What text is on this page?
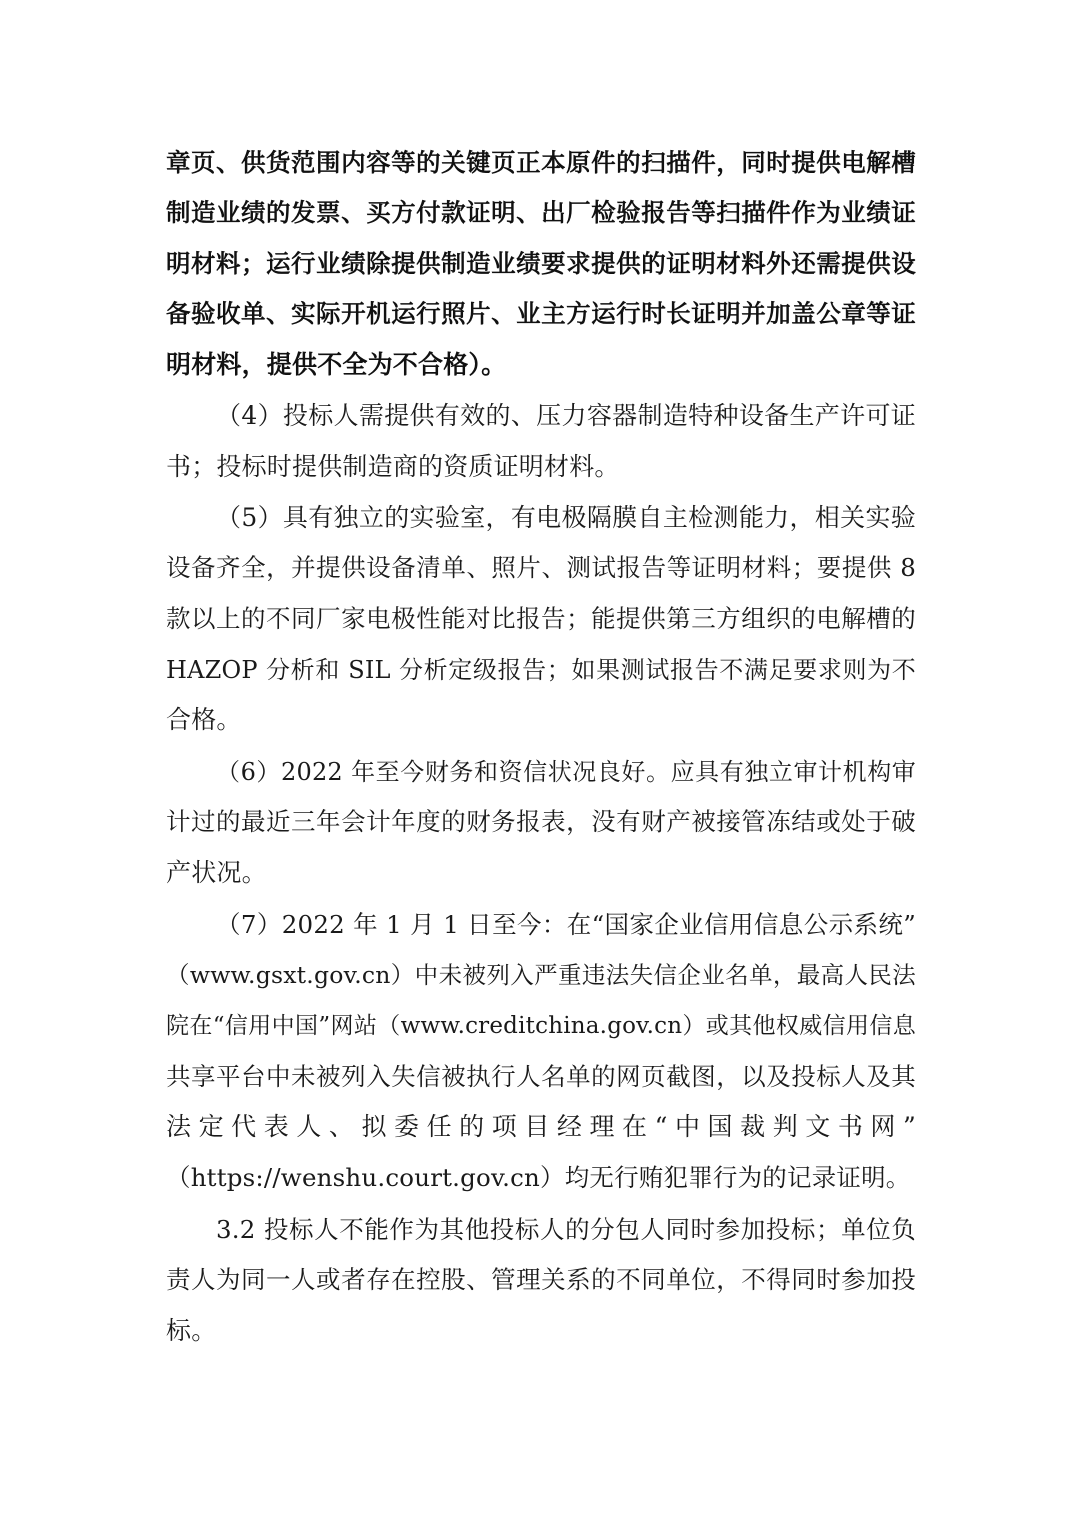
章页、供货范围内容等的关键页正本原件的扫描件，同时提供电解槽
制造业绩的发票、买方付款证明、出厂检验报告等扫描件作为业绩证
明材料；运行业绩除提供制造业绩要求提供的证明材料外还需提供设
备验收单、实际开机运行照片、业主方运行时长证明并加盖公章等证
明材料，提供不全为不合格）。
（4）投标人需提供有效的、压力容器制造特种设备生产许可证
书；投标时提供制造商的资质证明材料。
（5）具有独立的实验室，有电极隔膜自主检测能力，相关实验
设备齐全，并提供设备清单、照片、测试报告等证明材料；要提供 8
款以上的不同厂家电极性能对比报告；能提供第三方组织的电解槽的
HAZOP 分析和 SIL 分析定级报告；如果测试报告不满足要求则为不
合格。
（6）2022 年至今财务和资信状况良好。应具有独立审计机构审
计过的最近三年会计年度的财务报表，没有财产被接管冻结或处于破
产状况。
（7）2022 年 1 月 1 日至今：在“国家企业信用信息公示系统”
（www.gsxt.gov.cn）中未被列入严重违法失信企业名单，最高人民法
院在“信用中国”网站（www.creditchina.gov.cn）或其他权威信用信息
共享平台中未被列入失信被执行人名单的网页截图，以及投标人及其
法定代表人、拟委任的项目经理在“中国裁判文书网”
（https://wenshu.court.gov.cn）均无行贿犯罪行为的记录证明。
3.2 投标人不能作为其他投标人的分包人同时参加投标；单位负
责人为同一人或者存在控股、管理关系的不同单位，不得同时参加投
标。
